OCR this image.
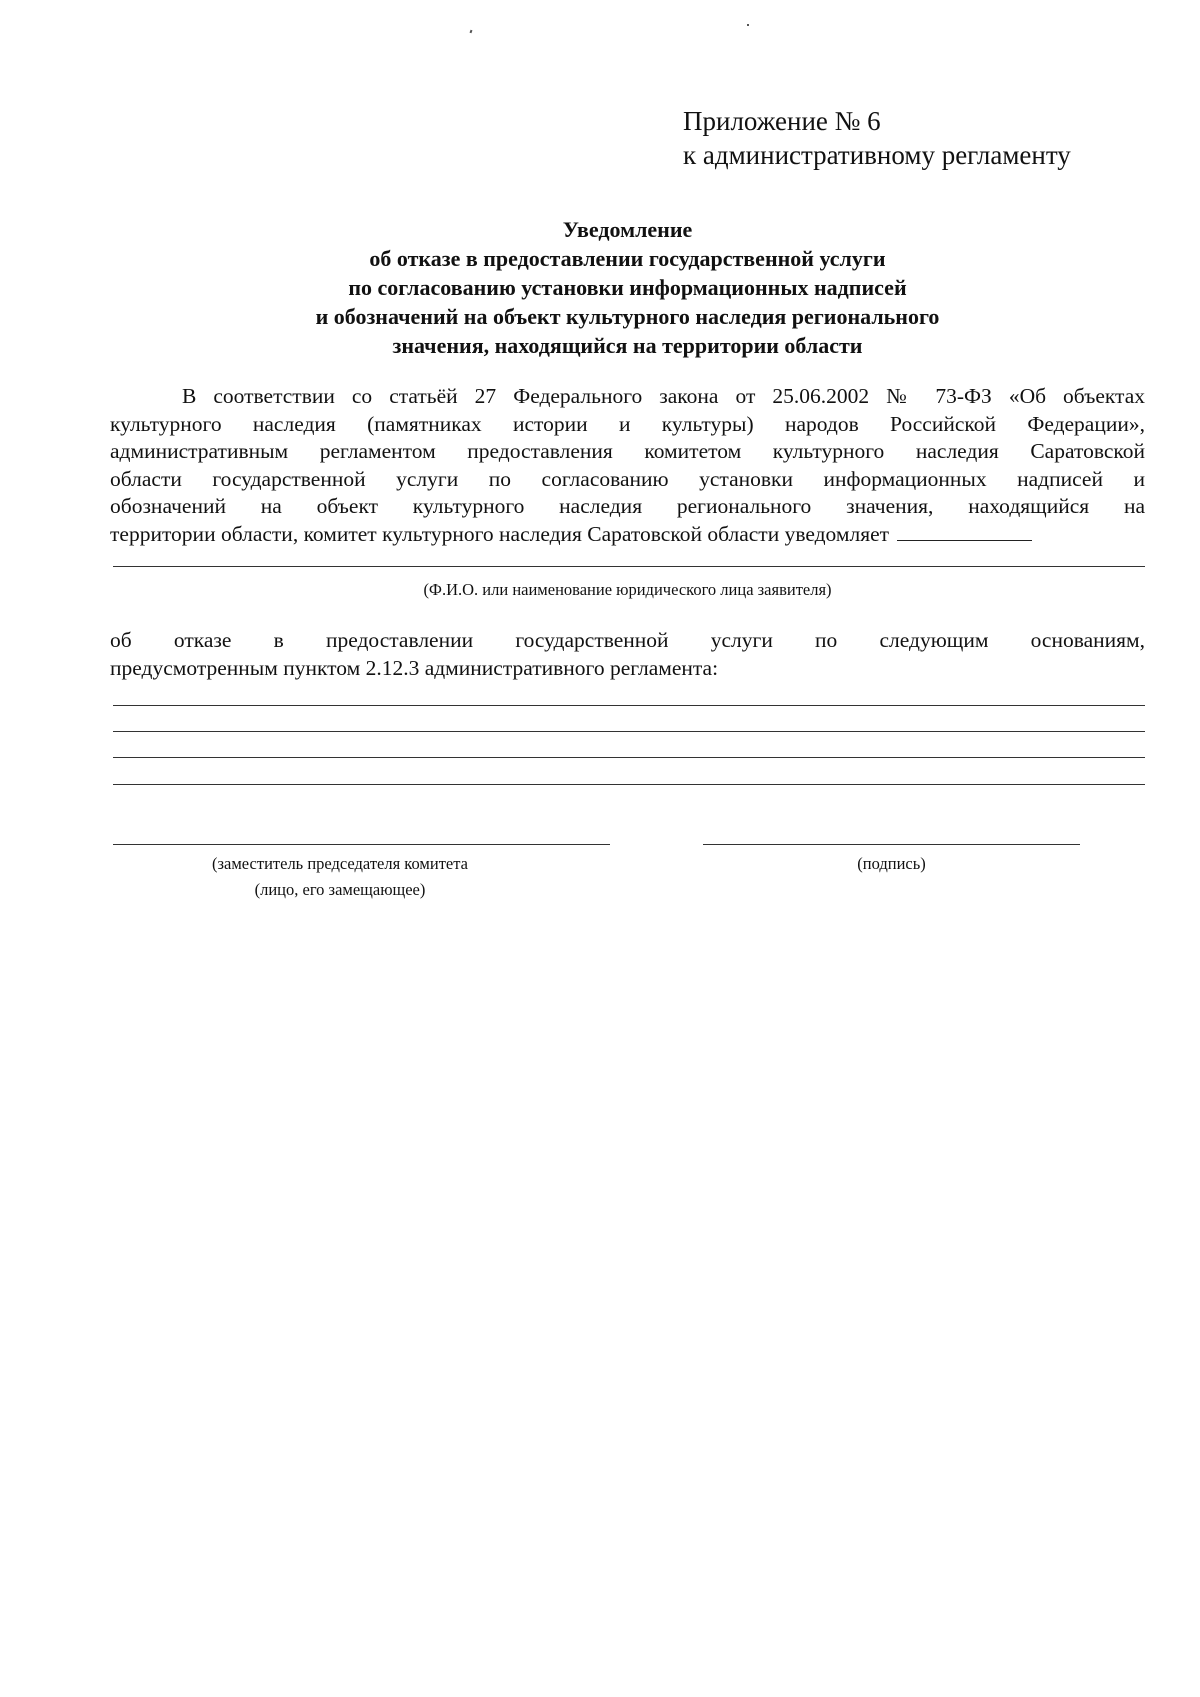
Приложение № 6
к административному регламенту
Уведомление
об отказе в предоставлении государственной услуги
по согласованию установки информационных надписей
и обозначений на объект культурного наследия регионального
значения, находящийся на территории области
В соответствии со статьёй 27 Федерального закона от 25.06.2002 № 73-ФЗ «Об объектах
культурного наследия (памятниках истории и культуры) народов Российской Федерации»,
административным регламентом предоставления комитетом культурного наследия Саратовской
области государственной услуги по согласованию установки информационных надписей и
обозначений на объект культурного наследия регионального значения, находящийся на
территории области, комитет культурного наследия Саратовской области уведомляет
(Ф.И.О. или наименование юридического лица заявителя)
об отказе в предоставлении государственной услуги по следующим основаниям,
предусмотренным пунктом 2.12.3 административного регламента:
(заместитель председателя комитета
(лицо, его замещающее)
(подпись)
